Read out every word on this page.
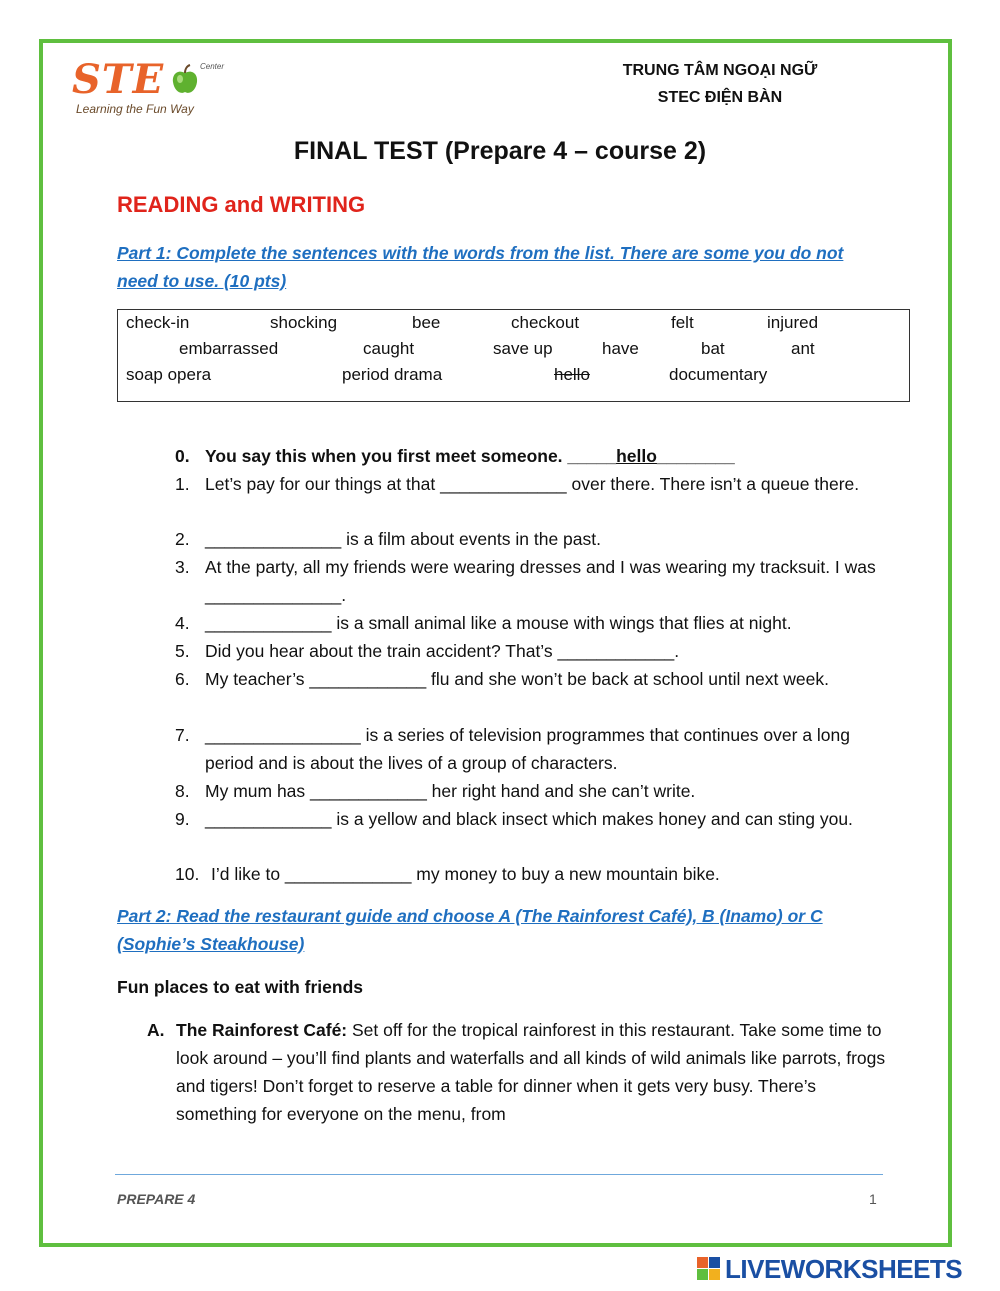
STE	Center
Learning the Fun Way
TRUNG TÂM NGOẠI NGỮ
STEC ĐIỆN BÀN
FINAL TEST (Prepare 4 – course 2)
READING and WRITING
Part 1: Complete the sentences with the words from the list. There are some you do not need to use. (10 pts)
check-in	shocking	bee	checkout	felt	injured
embarrassed	caught	save up	have	bat	ant
soap opera	period drama	hello	documentary
0. You say this when you first meet someone. _____hello________
1. Let’s pay for our things at that _____________ over there. There isn’t a queue there.
2. ______________ is a film about events in the past.
3. At the party, all my friends were wearing dresses and I was wearing my tracksuit. I was ______________.
4. _____________ is a small animal like a mouse with wings that flies at night.
5. Did you hear about the train accident? That’s ____________.
6. My teacher’s ____________ flu and she won’t be back at school until next week.
7. ________________ is a series of television programmes that continues over a long period and is about the lives of a group of characters.
8. My mum has ____________ her right hand and she can’t write.
9. _____________ is a yellow and black insect which makes honey and can sting you.
10. I’d like to _____________ my money to buy a new mountain bike.
Part 2: Read the restaurant guide and choose A (The Rainforest Café), B (Inamo) or C (Sophie’s Steakhouse)
Fun places to eat with friends
A. The Rainforest Café: Set off for the tropical rainforest in this restaurant. Take some time to look around – you’ll find plants and waterfalls and all kinds of wild animals like parrots, frogs and tigers! Don’t forget to reserve a table for dinner when it gets very busy. There’s something for everyone on the menu, from
PREPARE 4	1
LIVEWORKSHEETS
